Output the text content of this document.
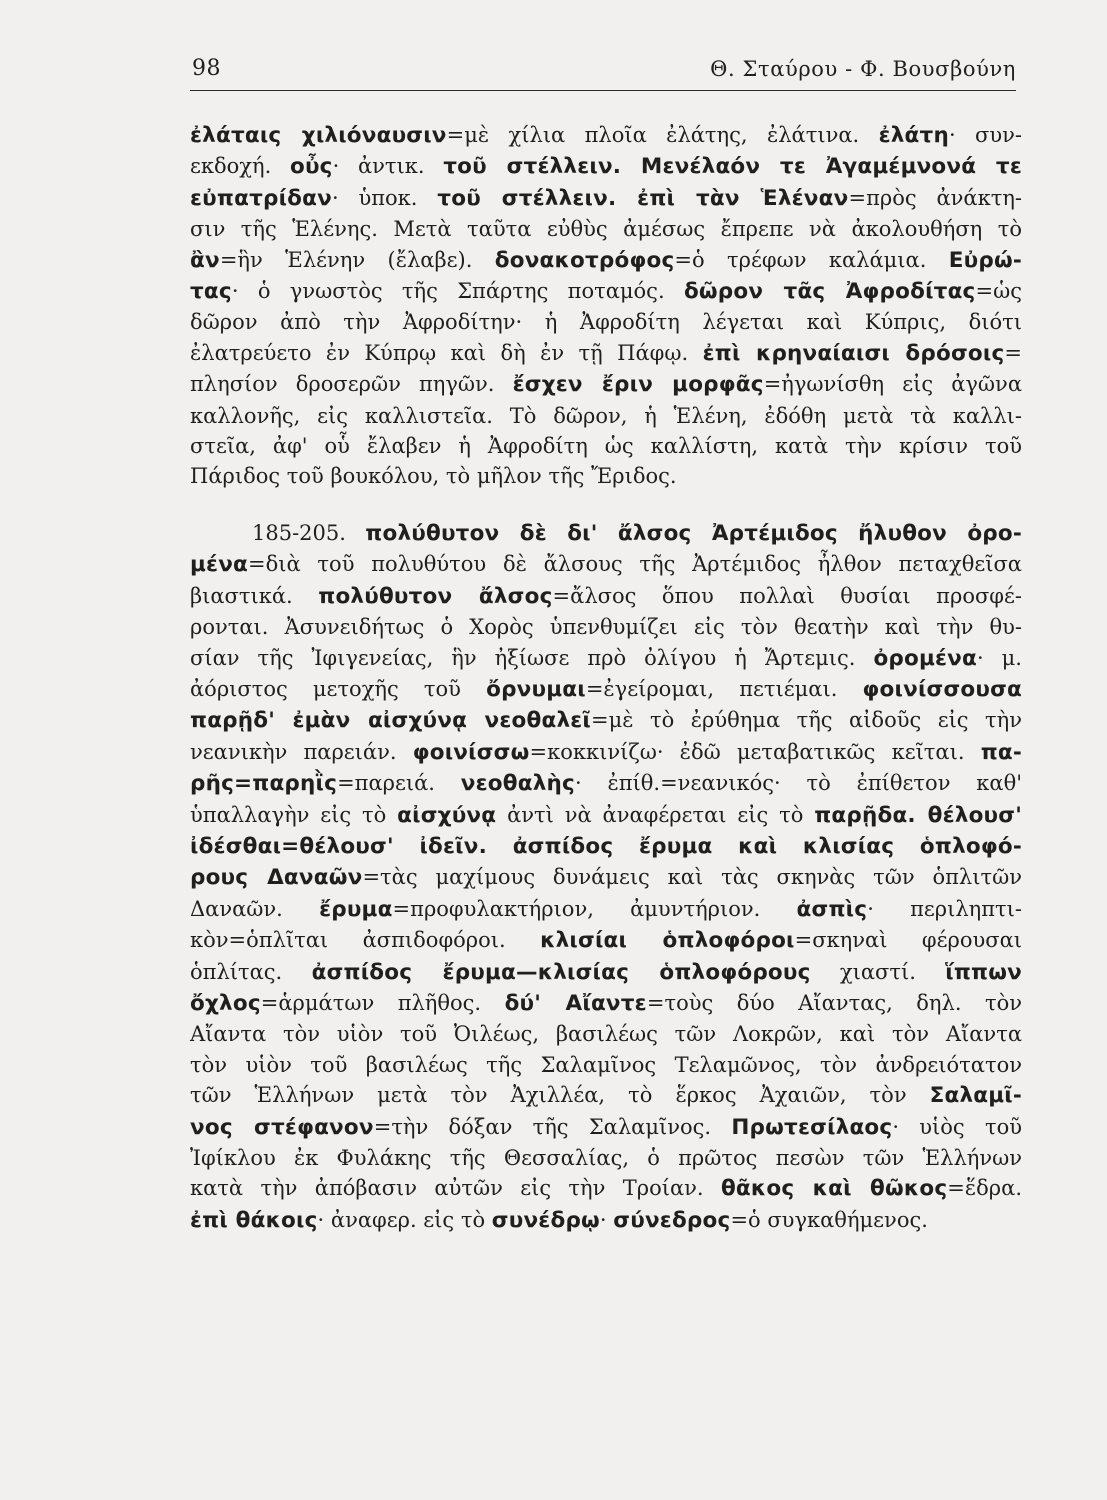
98	Θ. Σταύρου - Φ. Βουσβούνη

ἐλάταις χιλιόναυσιν=μὲ χίλια πλοῖα ἐλάτης, ἐλάτινα. ἐλάτη· συν-
εκδοχή. οὖς· ἀντικ. τοῦ στέλλειν. Μενέλαόν τε Ἀγαμέμνονά τε
εὐπατρίδαν· ὑποκ. τοῦ στέλλειν. ἐπὶ τὰν Ἑλέναν=πρὸς ἀνάκτη-
σιν τῆς Ἑλένης. Μετὰ ταῦτα εὐθὺς ἀμέσως ἔπρεπε νὰ ἀκολουθήση τὸ
ἂν=ἣν Ἑλένην (ἔλαβε). δονακοτρόφος=ὁ τρέφων καλάμια. Εὐρώ-
τας· ὁ γνωστὸς τῆς Σπάρτης ποταμός. δῶρον τᾶς Ἀφροδίτας=ὡς
δῶρον ἀπὸ τὴν Ἀφροδίτην· ἡ Ἀφροδίτη λέγεται καὶ Κύπρις, διότι
ἐλατρεύετο ἐν Κύπρῳ καὶ δὴ ἐν τῇ Πάφῳ. ἐπὶ κρηναίαισι δρόσοις=
πλησίον δροσερῶν πηγῶν. ἔσχεν ἔριν μορφᾶς=ἠγωνίσθη εἰς ἀγῶνα
καλλονῆς, εἰς καλλιστεῖα. Τὸ δῶρον, ἡ Ἑλένη, ἐδόθη μετὰ τὰ καλλι-
στεῖα, ἀφ' οὗ ἔλαβεν ἡ Ἀφροδίτη ὡς καλλίστη, κατὰ τὴν κρίσιν τοῦ
Πάριδος τοῦ βουκόλου, τὸ μῆλον τῆς Ἔριδος.

185-205. πολύθυτον δὲ δι' ἄλσος Ἀρτέμιδος ἤλυθον ὀρο-
μένα=διὰ τοῦ πολυθύτου δὲ ἄλσους τῆς Ἀρτέμιδος ἦλθον πεταχθεῖσα
βιαστικά. πολύθυτον ἄλσος=ἄλσος ὅπου πολλαὶ θυσίαι προσφέ-
ρονται. Ἀσυνειδήτως ὁ Χορὸς ὑπενθυμίζει εἰς τὸν θεατὴν καὶ τὴν θυ-
σίαν τῆς Ἰφιγενείας, ἣν ἠξίωσε πρὸ ὀλίγου ἡ Ἄρτεμις. ὀρομένα· μ.
ἀόριστος μετοχῆς τοῦ ὄρνυμαι=ἐγείρομαι, πετιέμαι. φοινίσσουσα
παρῇδ' ἐμὰν αἰσχύνᾳ νεοθαλεῖ=μὲ τὸ ἐρύθημα τῆς αἰδοῦς εἰς τὴν
νεανικὴν παρειάν. φοινίσσω=κοκκινίζω· ἐδῶ μεταβατικῶς κεῖται. πα-
ρῆς=παρηῒς=παρειά. νεοθαλὴς· ἐπίθ.=νεανικός· τὸ ἐπίθετον καθ'
ὑπαλλαγὴν εἰς τὸ αἰσχύνᾳ ἀντὶ νὰ ἀναφέρεται εἰς τὸ παρῇδα. θέλουσ'
ἰδέσθαι=θέλουσ' ἰδεῖν. ἀσπίδος ἔρυμα καὶ κλισίας ὁπλοφό-
ρους Δαναῶν=τὰς μαχίμους δυνάμεις καὶ τὰς σκηνὰς τῶν ὁπλιτῶν
Δαναῶν. ἔρυμα=προφυλακτήριον, ἀμυντήριον. ἀσπὶς· περιληπτι-
κὸν=ὁπλῖται ἀσπιδοφόροι. κλισίαι ὁπλοφόροι=σκηναὶ φέρουσαι
ὁπλίτας. ἀσπίδος ἔρυμα—κλισίας ὁπλοφόρους χιαστί. ἵππων
ὄχλος=ἁρμάτων πλῆθος. δύ' Αἴαντε=τοὺς δύο Αἴαντας, δηλ. τὸν
Αἴαντα τὸν υἱὸν τοῦ Ὀιλέως, βασιλέως τῶν Λοκρῶν, καὶ τὸν Αἴαντα
τὸν υἱὸν τοῦ βασιλέως τῆς Σαλαμῖνος Τελαμῶνος, τὸν ἀνδρειότατον
τῶν Ἑλλήνων μετὰ τὸν Ἀχιλλέα, τὸ ἕρκος Ἀχαιῶν, τὸν Σαλαμῖ-
νος στέφανον=τὴν δόξαν τῆς Σαλαμῖνος. Πρωτεσίλαος· υἱὸς τοῦ
Ἰφίκλου ἐκ Φυλάκης τῆς Θεσσαλίας, ὁ πρῶτος πεσὼν τῶν Ἑλλήνων
κατὰ τὴν ἀπόβασιν αὐτῶν εἰς τὴν Τροίαν. θᾶκος καὶ θῶκος=ἕδρα.
ἐπὶ θάκοις· ἀναφερ. εἰς τὸ συνέδρῳ· σύνεδρος=ὁ συγκαθήμενος.
